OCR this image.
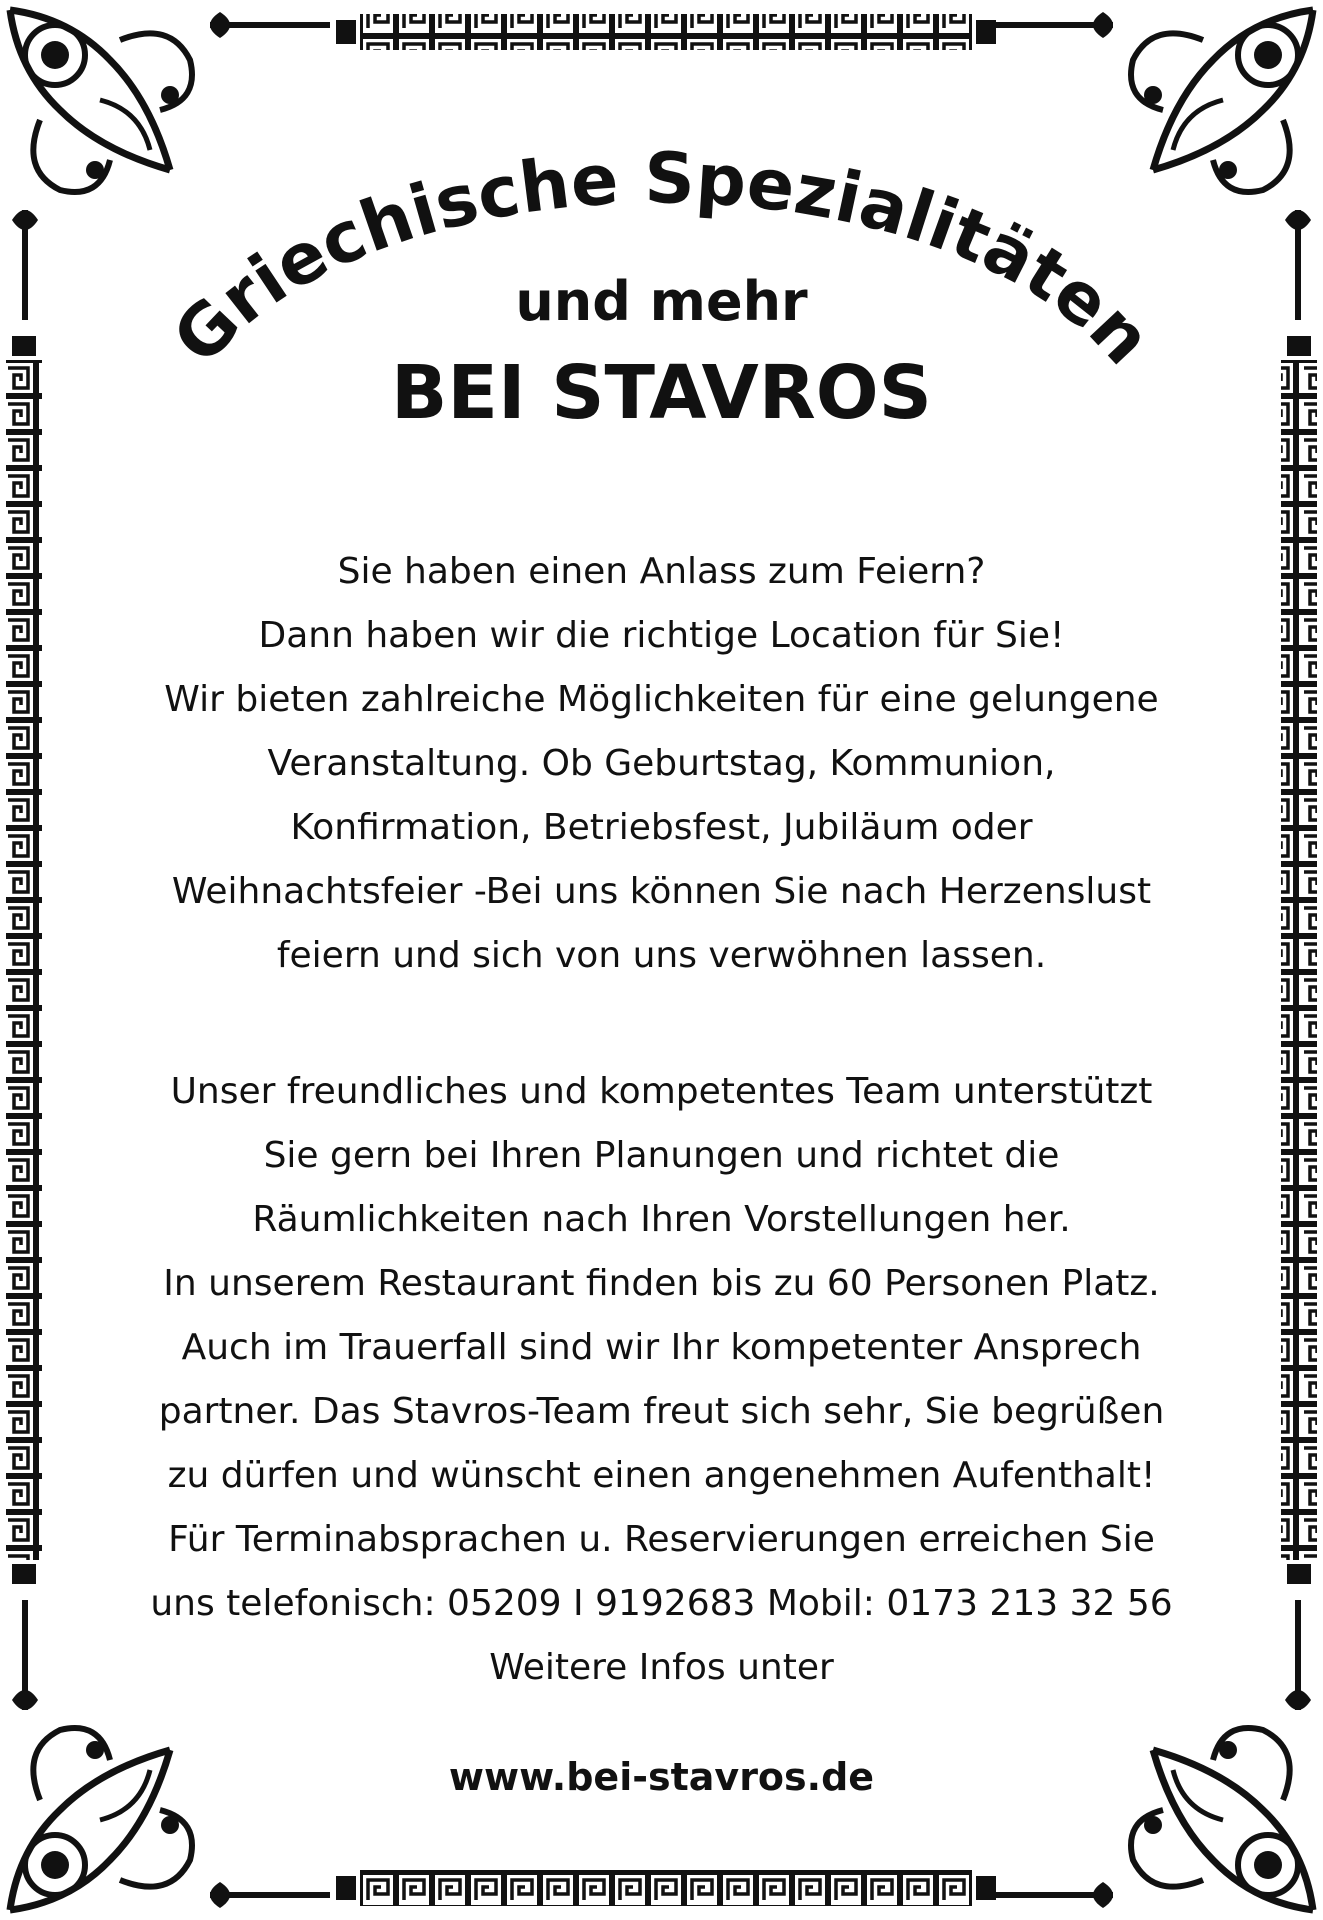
Griechische Spezialitäten
und mehr
BEI STAVROS
Sie haben einen Anlass zum Feiern?
Dann haben wir die richtige Location für Sie!
Wir bieten zahlreiche Möglichkeiten für eine gelungene
Veranstaltung. Ob Geburtstag, Kommunion,
Konfirmation, Betriebsfest, Jubiläum oder
Weihnachtsfeier -Bei uns können Sie nach Herzenslust
feiern und sich von uns verwöhnen lassen.
Unser freundliches und kompetentes Team unterstützt
Sie gern bei Ihren Planungen und richtet die
Räumlichkeiten nach Ihren Vorstellungen her.
In unserem Restaurant finden bis zu 60 Personen Platz.
Auch im Trauerfall sind wir Ihr kompetenter Ansprech
partner. Das Stavros-Team freut sich sehr, Sie begrüßen
zu dürfen und wünscht einen angenehmen Aufenthalt!
Für Terminabsprachen u. Reservierungen erreichen Sie
uns telefonisch: 05209 I 9192683 Mobil: 0173 213 32 56
Weitere Infos unter
www.bei-stavros.de
